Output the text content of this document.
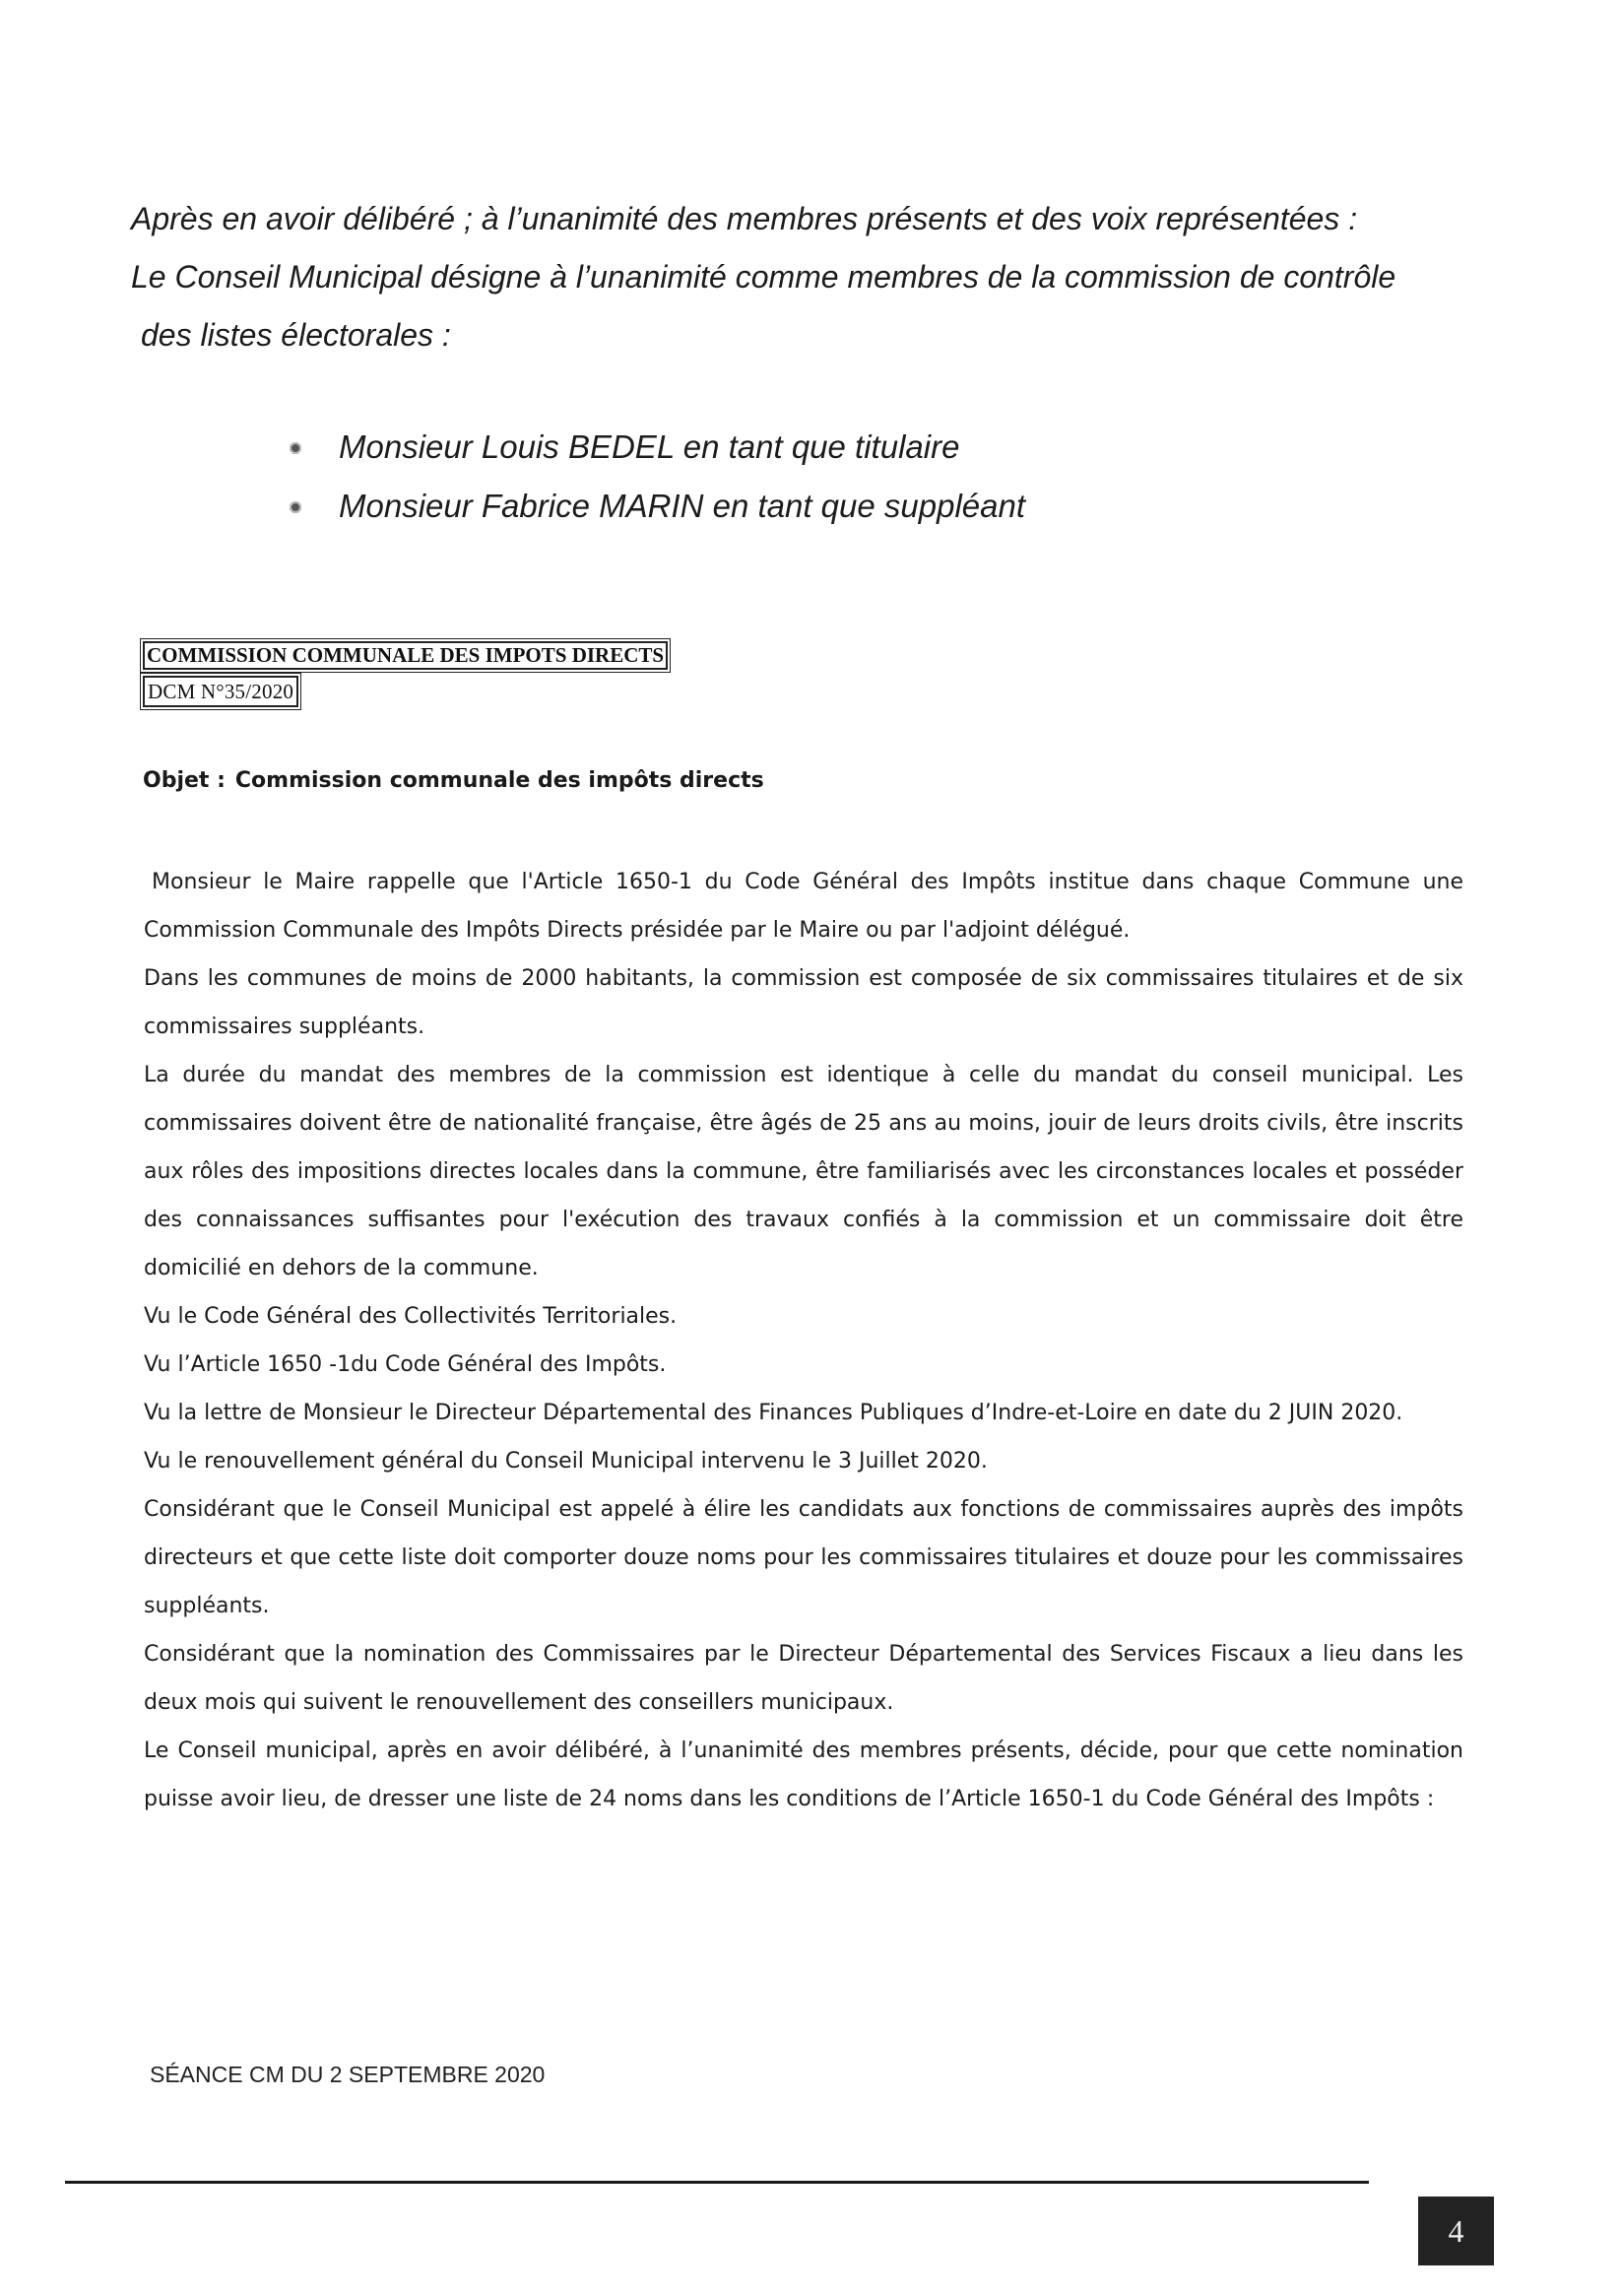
Après en avoir délibéré ; à l’unanimité des membres présents et des voix représentées :
Le Conseil Municipal désigne à l’unanimité comme membres de la commission de contrôle
des listes électorales :
Monsieur Louis BEDEL en tant que titulaire
Monsieur Fabrice MARIN en tant que suppléant
COMMISSION COMMUNALE DES IMPOTS DIRECTS
DCM N°35/2020
Objet : Commission communale des impôts directs

Monsieur le Maire rappelle que l'Article 1650-1 du Code Général des Impôts institue dans chaque Commune une Commission Communale des Impôts Directs présidée par le Maire ou par l'adjoint délégué.

Dans les communes de moins de 2000 habitants, la commission est composée de six commissaires titulaires et de six commissaires suppléants.

La durée du mandat des membres de la commission est identique à celle du mandat du conseil municipal. Les commissaires doivent être de nationalité française, être âgés de 25 ans au moins, jouir de leurs droits civils, être inscrits aux rôles des impositions directes locales dans la commune, être familiarisés avec les circonstances locales et posséder des connaissances suffisantes pour l'exécution des travaux confiés à la commission et un commissaire doit être domicilié en dehors de la commune.

Vu le Code Général des Collectivités Territoriales.

Vu l’Article 1650 -1du Code Général des Impôts.

Vu la lettre de Monsieur le Directeur Départemental des Finances Publiques d’Indre-et-Loire en date du 2 JUIN 2020.

Vu le renouvellement général du Conseil Municipal intervenu le 3 Juillet 2020.

Considérant que le Conseil Municipal est appelé à élire les candidats aux fonctions de commissaires auprès des impôts directeurs et que cette liste doit comporter douze noms pour les commissaires titulaires et douze pour les commissaires suppléants.

Considérant que la nomination des Commissaires par le Directeur Départemental des Services Fiscaux a lieu dans les deux mois qui suivent le renouvellement des conseillers municipaux.

Le Conseil municipal, après en avoir délibéré, à l’unanimité des membres présents, décide, pour que cette nomination puisse avoir lieu, de dresser une liste de 24 noms dans les conditions de l’Article 1650-1 du Code Général des Impôts :

SÉANCE CM DU 2 SEPTEMBRE 2020
4
